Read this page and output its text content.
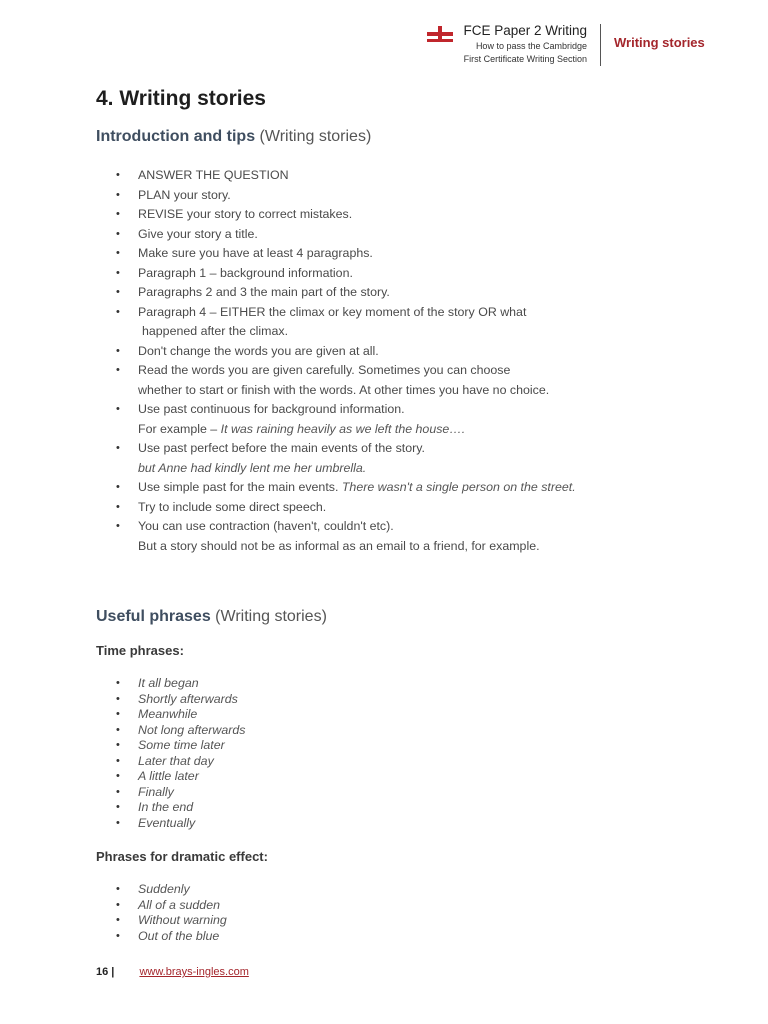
FCE Paper 2 Writing
How to pass the Cambridge
First Certificate Writing Section
Writing stories
4. Writing stories
Introduction and tips (Writing stories)
• ANSWER THE QUESTION
• PLAN your story.
• REVISE your story to correct mistakes.
• Give your story a title.
• Make sure you have at least 4 paragraphs.
• Paragraph 1 – background information.
• Paragraphs 2 and 3 the main part of the story.
• Paragraph 4 – EITHER the climax or key moment of the story OR what
happened after the climax.
• Don't change the words you are given at all.
• Read the words you are given carefully. Sometimes you can choose
whether to start or finish with the words. At other times you have no choice.
• Use past continuous for background information.
For example – It was raining heavily as we left the house….
• Use past perfect before the main events of the story.
but Anne had kindly lent me her umbrella.
• Use simple past for the main events. There wasn't a single person on the street.
• Try to include some direct speech.
• You can use contraction (haven't, couldn't etc).
But a story should not be as informal as an email to a friend, for example.
Useful phrases (Writing stories)
Time phrases:
• It all began
• Shortly afterwards
• Meanwhile
• Not long afterwards
• Some time later
• Later that day
• A little later
• Finally
• In the end
• Eventually
Phrases for dramatic effect:
• Suddenly
• All of a sudden
• Without warning
• Out of the blue
16 | www.brays-ingles.com
